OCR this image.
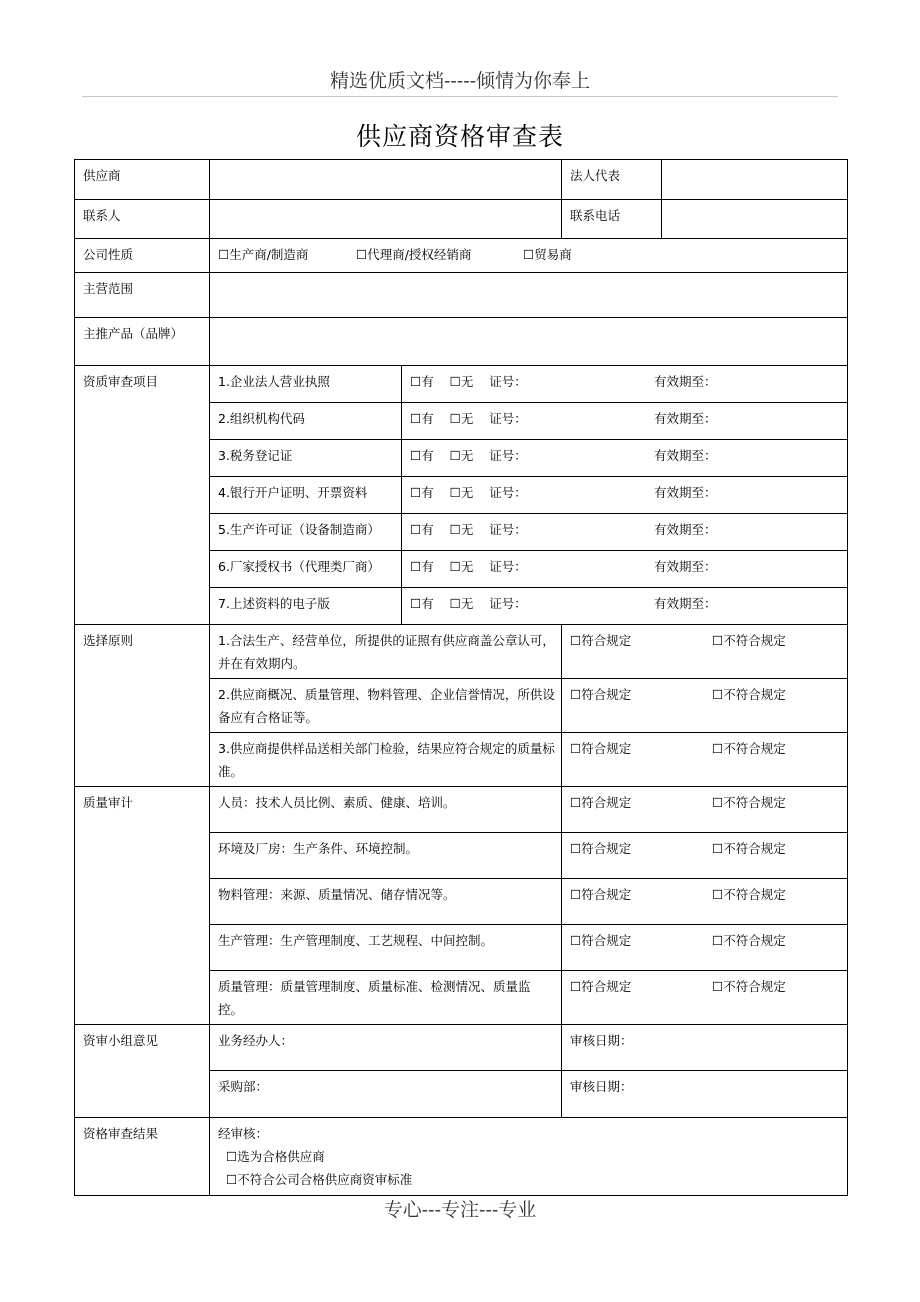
精选优质文档-----倾情为你奉上
供应商资格审查表
供应商			法人代表	
联系人			联系电话	
公司性质	☐ 生产商/制造商 ☐ 代理商/授权经销商 ☐ 贸易商
主营范围				
主推产品（品牌）				
资质审查项目	1.企业法人营业执照	☐ 有 ☐ 无 证号： 有效期至：

	2.组织机构代码	☐ 有 ☐ 无 证号： 有效期至：

	3.税务登记证	☐ 有 ☐ 无 证号： 有效期至：

	4.银行开户证明、开票资料	☐ 有 ☐ 无 证号： 有效期至：

	5.生产许可证（设备制造商）	☐ 有 ☐ 无 证号： 有效期至：

	6.厂家授权书（代理类厂商）	☐ 有 ☐ 无 证号： 有效期至：

	7.上述资料的电子版	☐ 有 ☐ 无 证号： 有效期至：

选择原则	1.合法生产、经营单位，所提供的证照有供应商盖公章认可，并在有效期内。		☐ 符合规定 ☐ 不符合规定
	2.供应商概况、质量管理、物料管理、企业信誉情况，所供设备应有合格证等。		☐ 符合规定 ☐ 不符合规定
	3.供应商提供样品送相关部门检验，结果应符合规定的质量标准。		☐ 符合规定 ☐ 不符合规定
质量审计	人员：技术人员比例、素质、健康、培训。		☐ 符合规定 ☐ 不符合规定
	环境及厂房：生产条件、环境控制。		☐ 符合规定 ☐ 不符合规定
	物料管理：来源、质量情况、储存情况等。		☐ 符合规定 ☐ 不符合规定
	生产管理：生产管理制度、工艺规程、中间控制。		☐ 符合规定 ☐ 不符合规定
	质量管理：质量管理制度、质量标准、检测情况、质量监控。		☐ 符合规定 ☐ 不符合规定
资审小组意见	业务经办人：		审核日期：	
	采购部：		审核日期：	
资格审查结果	经审核：
☐ 选为合格供应商
☐ 不符合公司合格供应商资审标准
专心---专注---专业
